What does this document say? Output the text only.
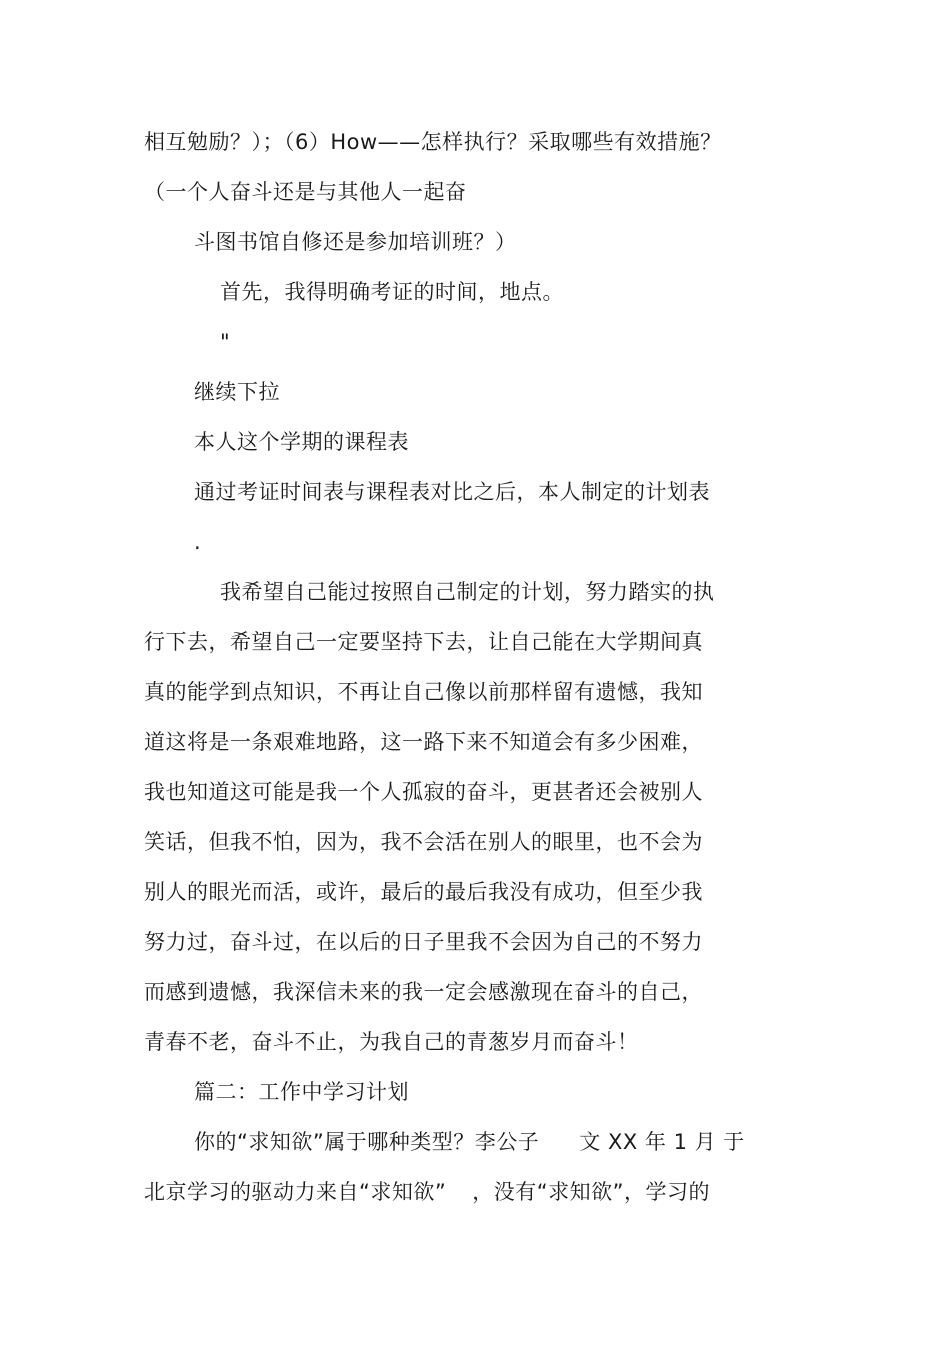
相互勉励？）；（6）How——怎样执行？采取哪些有效措施？
（一个人奋斗还是与其他人一起奋
斗图书馆自修还是参加培训班？）
首先，我得明确考证的时间，地点。
"
继续下拉
本人这个学期的课程表
通过考证时间表与课程表对比之后，本人制定的计划表
.
我希望自己能过按照自己制定的计划，努力踏实的执
行下去，希望自己一定要坚持下去，让自己能在大学期间真
真的能学到点知识，不再让自己像以前那样留有遗憾，我知
道这将是一条艰难地路，这一路下来不知道会有多少困难，
我也知道这可能是我一个人孤寂的奋斗，更甚者还会被别人
笑话，但我不怕，因为，我不会活在别人的眼里，也不会为
别人的眼光而活，或许，最后的最后我没有成功，但至少我
努力过，奋斗过，在以后的日子里我不会因为自己的不努力
而感到遗憾，我深信未来的我一定会感激现在奋斗的自己，
青春不老，奋斗不止，为我自己的青葱岁月而奋斗！
篇二：工作中学习计划
你的“求知欲”属于哪种类型？李公子 文 XX 年 1 月 于
北京学习的驱动力来自“求知欲” ，没有“求知欲”，学习的
